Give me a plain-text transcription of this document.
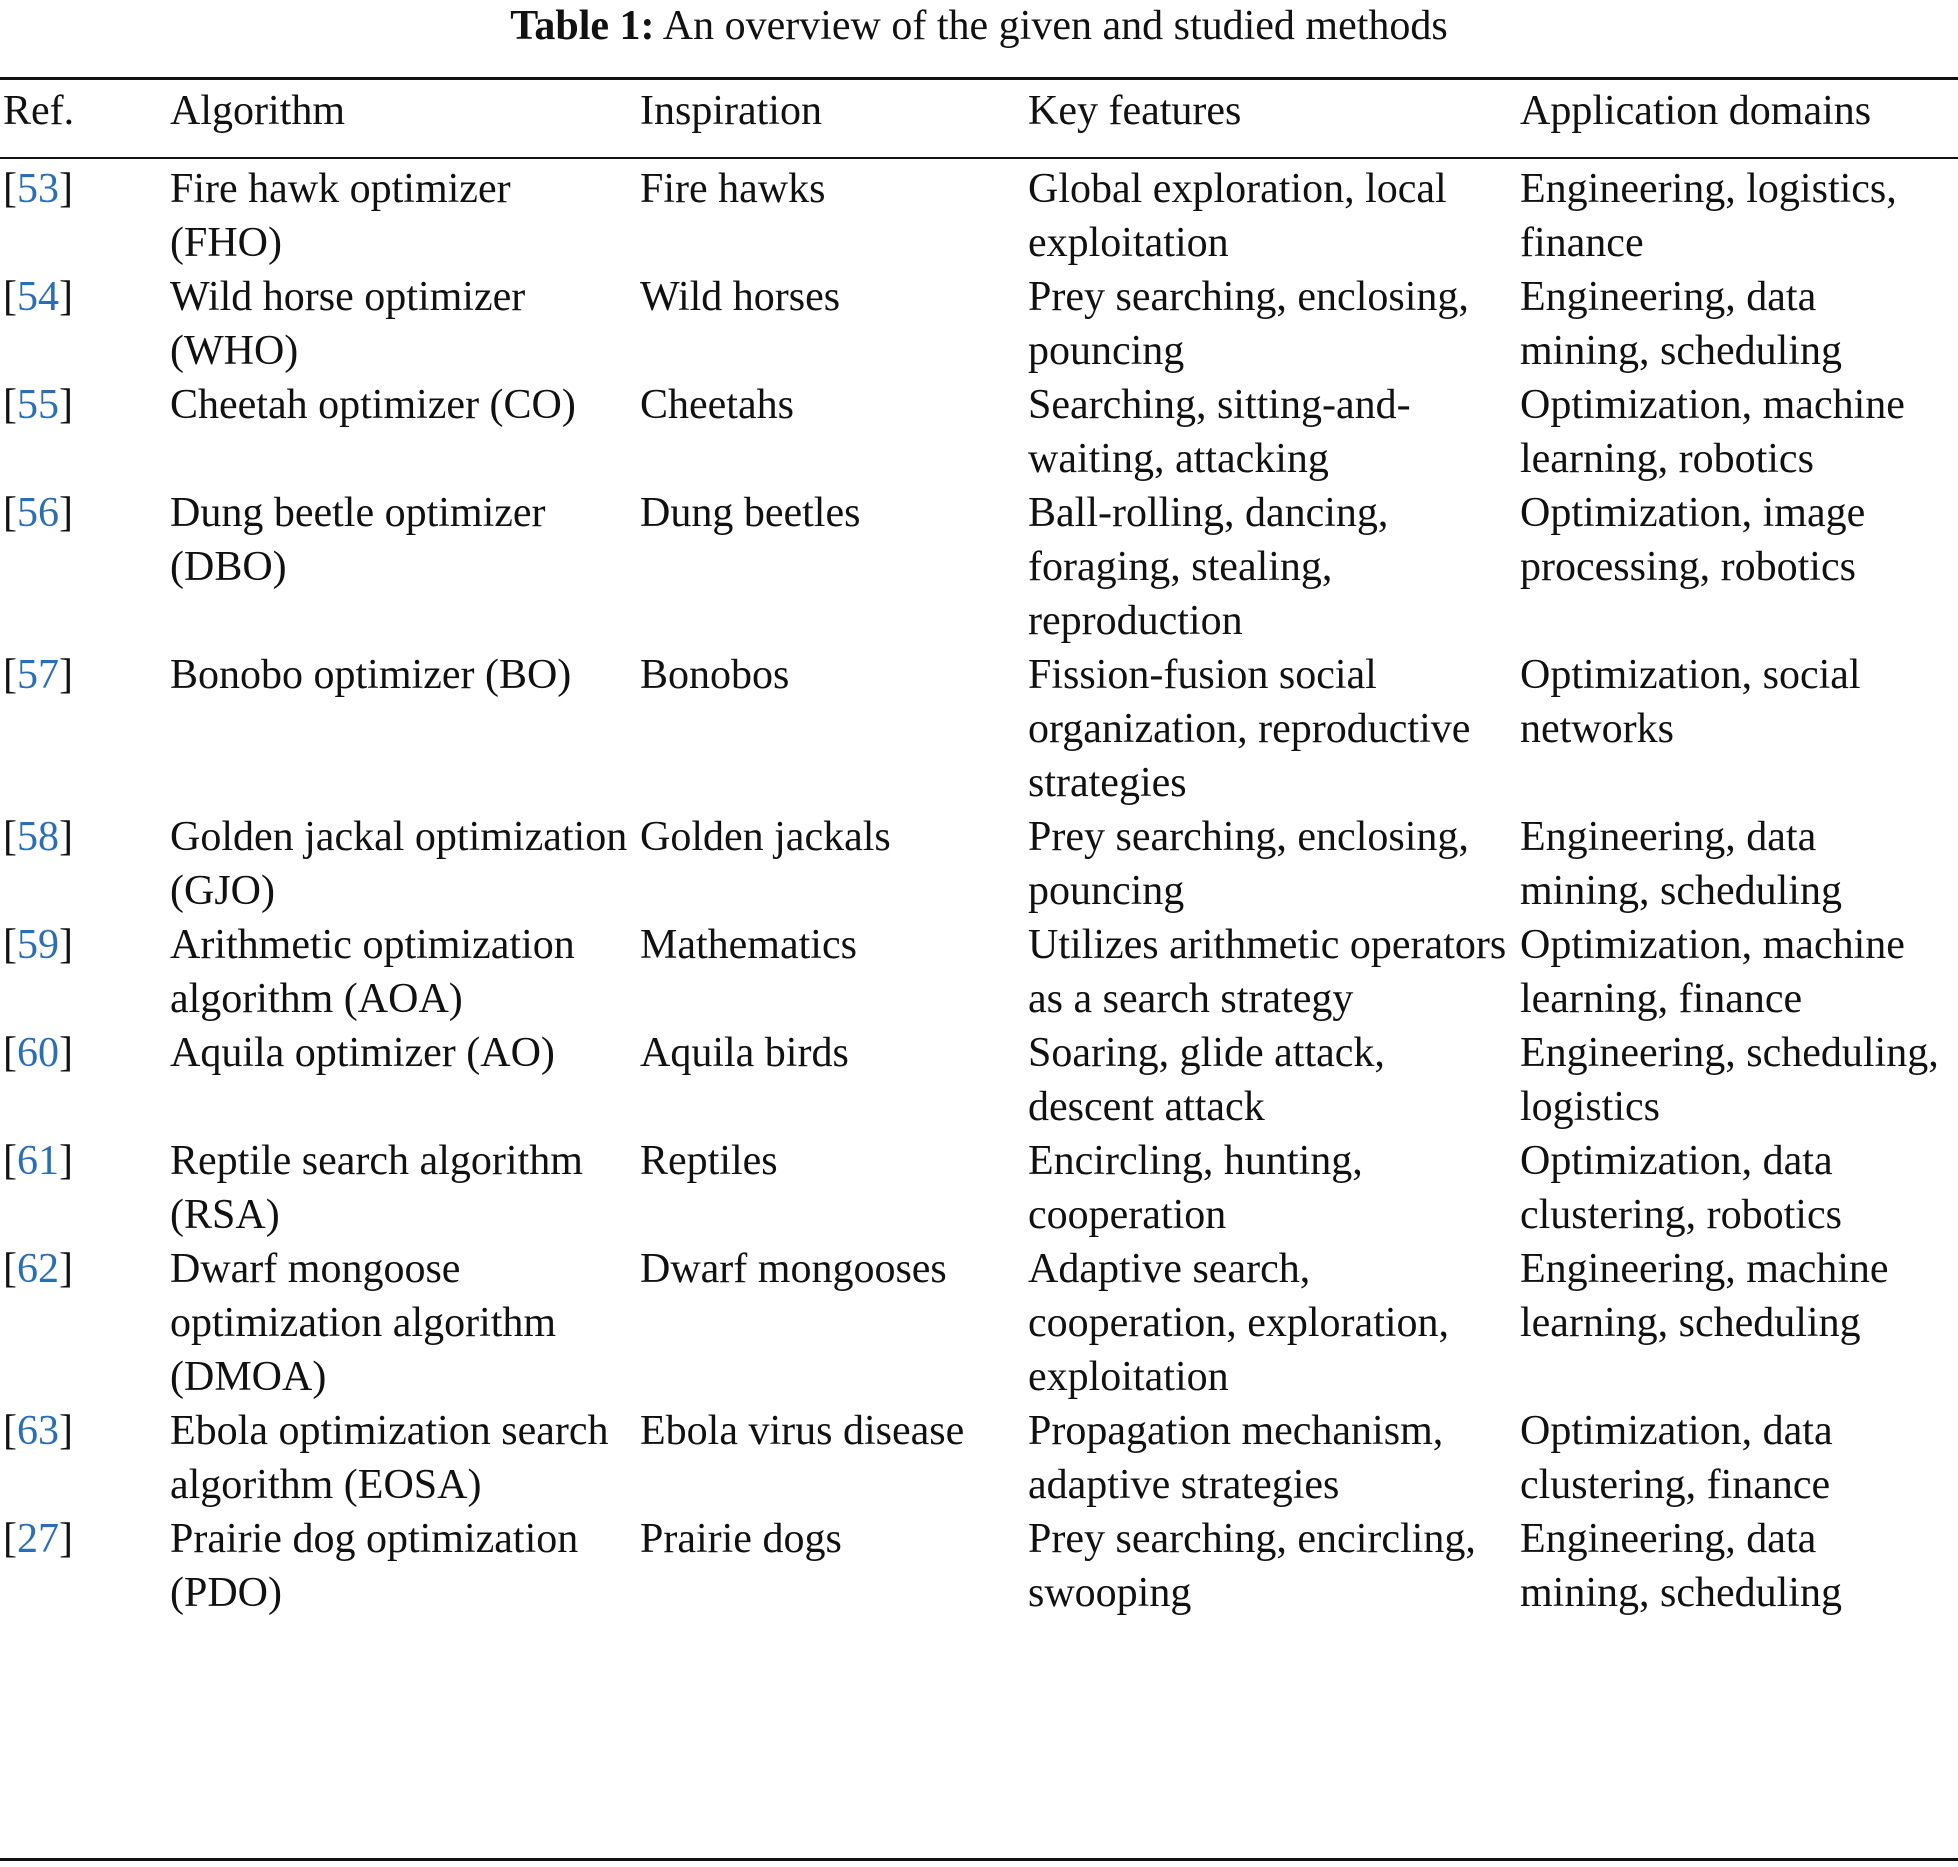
Table 1: An overview of the given and studied methods
Ref.	Algorithm	Inspiration	Key features	Application domains
[53]	Fire hawk optimizer (FHO)	Fire hawks	Global exploration, local exploitation	Engineering, logistics, finance
[54]	Wild horse optimizer (WHO)	Wild horses	Prey searching, enclosing, pouncing	Engineering, data mining, scheduling
[55]	Cheetah optimizer (CO)	Cheetahs	Searching, sitting-and-waiting, attacking	Optimization, machine learning, robotics
[56]	Dung beetle optimizer (DBO)	Dung beetles	Ball-rolling, dancing, foraging, stealing, reproduction	Optimization, image processing, robotics
[57]	Bonobo optimizer (BO)	Bonobos	Fission-fusion social organization, reproductive strategies	Optimization, social networks
[58]	Golden jackal optimization (GJO)	Golden jackals	Prey searching, enclosing, pouncing	Engineering, data mining, scheduling
[59]	Arithmetic optimization algorithm (AOA)	Mathematics	Utilizes arithmetic operators as a search strategy	Optimization, machine learning, finance
[60]	Aquila optimizer (AO)	Aquila birds	Soaring, glide attack, descent attack	Engineering, scheduling, logistics
[61]	Reptile search algorithm (RSA)	Reptiles	Encircling, hunting, cooperation	Optimization, data clustering, robotics
[62]	Dwarf mongoose optimization algorithm (DMOA)	Dwarf mongooses	Adaptive search, cooperation, exploration, exploitation	Engineering, machine learning, scheduling
[63]	Ebola optimization search algorithm (EOSA)	Ebola virus disease	Propagation mechanism, adaptive strategies	Optimization, data clustering, finance
[27]	Prairie dog optimization (PDO)	Prairie dogs	Prey searching, encircling, swooping	Engineering, data mining, scheduling
